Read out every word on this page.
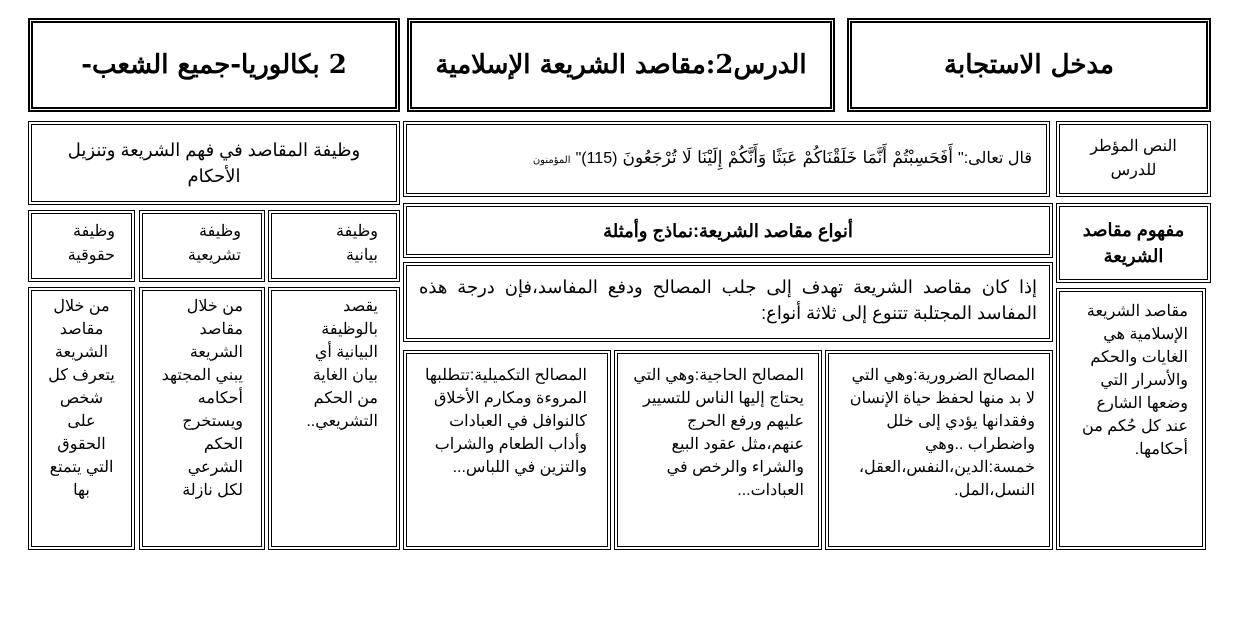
مدخل الاستجابة
الدرس2:مقاصد الشريعة الإسلامية
2 بكالوريا-جميع الشعب-
النص المؤطر للدرس
قال تعالى:" أَفَحَسِبْتُمْ أَنَّمَا خَلَقْنَاكُمْ عَبَثًا وَأَنَّكُمْ إِلَيْنَا لَا تُرْجَعُونَ (115)" المؤمنون
وظيفة المقاصد في فهم الشريعة وتنزيل الأحكام
مفهوم مقاصد الشريعة
أنواع مقاصد الشريعة:نماذج وأمثلة
وظيفة بيانية
وظيفة تشريعية
وظيفة حقوقية
إذا كان مقاصد الشريعة تهدف إلى جلب المصالح ودفع المفاسد،فإن درجة هذه المفاسد المجتلبة تتنوع إلى ثلاثة أنواع:	مقاصد الشريعة الإسلامية هي الغايات والحكم والأسرار التي وضعها الشارع عند كل حُكم من أحكامها.
المصالح الضرورية:وهي التي لا بد منها لحفظ حياة الإنسان وفقدانها يؤدي إلى خلل واضطراب ..وهي خمسة:الدين،النفس،العقل، النسل،المل.
المصالح الحاجية:وهي التي يحتاج إليها الناس للتسيير عليهم ورفع الحرج عنهم،مثل عقود البيع والشراء والرخص في العبادات...
المصالح التكميلية:تتطلبها المروءة ومكارم الأخلاق كالنوافل في العبادات وأداب الطعام والشراب والتزين في اللباس...
يقصد بالوظيفة البيانية أي بيان الغاية من الحكم التشريعي..
من خلال مقاصد الشريعة يبني المجتهد أحكامه ويستخرج الحكم الشرعي لكل نازلة
من خلال مقاصد الشريعة يتعرف كل شخص على الحقوق التي يتمتع بها
